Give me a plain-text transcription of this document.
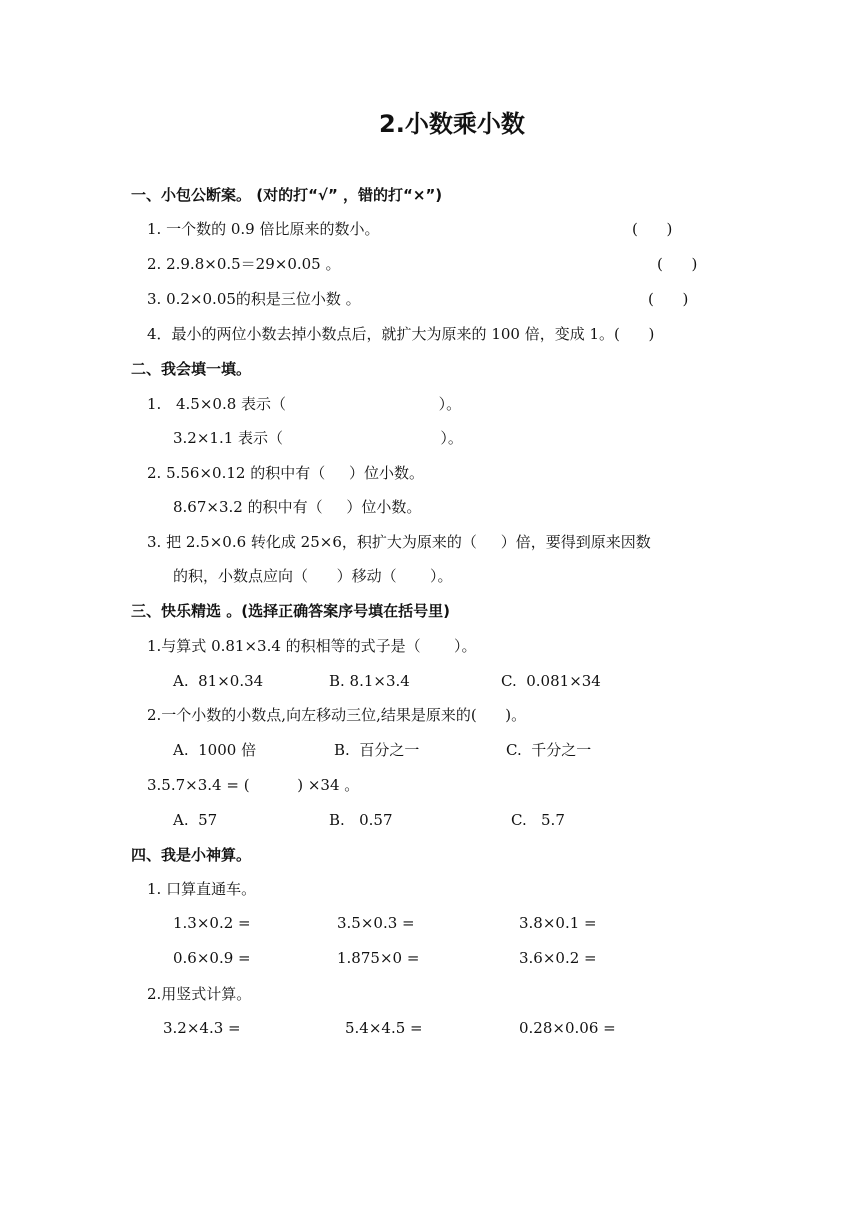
2.小数乘小数
一、小包公断案。 (对的打“√” ，错的打“×”)
1. 一个数的 0.9 倍比原来的数小。	(      )
2. 2.9.8×0.5＝29×0.05 。	(      )
3. 0.2×0.05的积是三位小数 。	(      )
4．最小的两位小数去掉小数点后，就扩大为原来的 100 倍，变成 1。(      )
二、我会填一填。
1. 4.5×0.8 表示（                                ）。
3.2×1.1 表示（                                 ）。
2. 5.56×0.12 的积中有（     ）位小数。
8.67×3.2 的积中有（     ）位小数。
3. 把 2.5×0.6 转化成 25×6，积扩大为原来的（     ）倍，要得到原来因数
的积，小数点应向（      ）移动（       ）。
三、快乐精选 。(选择正确答案序号填在括号里)
1.与算式 0.81×3.4 的积相等的式子是（       ）。
A.  81×0.34	B. 8.1×3.4	C.  0.081×34
2.一个小数的小数点,向左移动三位,结果是原来的(      )。
A.  1000 倍	B.  百分之一	C.  千分之一
3.5.7×3.4 = (          ) ×34 。
A.  57	B.   0.57	C.   5.7
四、我是小神算。
1. 口算直通车。
1.3×0.2 =	3.5×0.3 =	3.8×0.1 =
0.6×0.9 =	1.875×0 =	3.6×0.2 =
2.用竖式计算。
3.2×4.3 =	5.4×4.5 =	0.28×0.06 =
